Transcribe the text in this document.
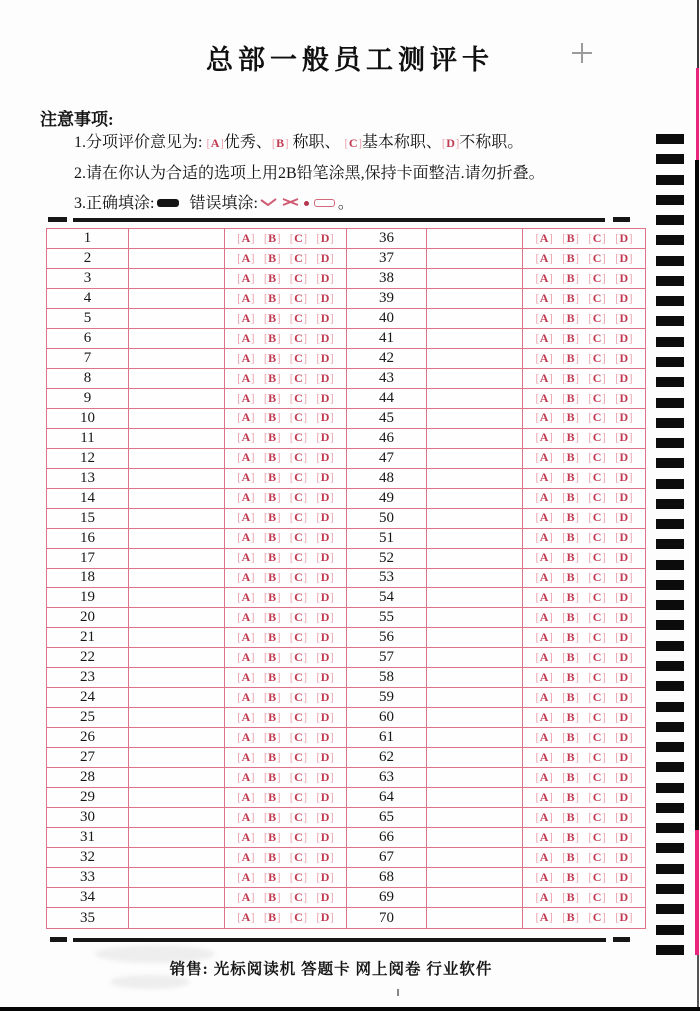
总部一般员工测评卡
注意事项:
1.分项评价意见为: [A]优秀、[B] 称职、 [C]基本称职、[D]不称职。
2.请在你认为合适的选项上用2B铅笔涂黑,保持卡面整洁.请勿折叠。
3.正确填涂: 错误填涂:	。
1	[A] [B] [C] [D]	36	[A] [B] [C] [D]
2	[A] [B] [C] [D]	37	[A] [B] [C] [D]
3	[A] [B] [C] [D]	38	[A] [B] [C] [D]
4	[A] [B] [C] [D]	39	[A] [B] [C] [D]
5	[A] [B] [C] [D]	40	[A] [B] [C] [D]
6	[A] [B] [C] [D]	41	[A] [B] [C] [D]
7	[A] [B] [C] [D]	42	[A] [B] [C] [D]
8	[A] [B] [C] [D]	43	[A] [B] [C] [D]
9	[A] [B] [C] [D]	44	[A] [B] [C] [D]
10	[A] [B] [C] [D]	45	[A] [B] [C] [D]
11	[A] [B] [C] [D]	46	[A] [B] [C] [D]
12	[A] [B] [C] [D]	47	[A] [B] [C] [D]
13	[A] [B] [C] [D]	48	[A] [B] [C] [D]
14	[A] [B] [C] [D]	49	[A] [B] [C] [D]
15	[A] [B] [C] [D]	50	[A] [B] [C] [D]
16	[A] [B] [C] [D]	51	[A] [B] [C] [D]
17	[A] [B] [C] [D]	52	[A] [B] [C] [D]
18	[A] [B] [C] [D]	53	[A] [B] [C] [D]
19	[A] [B] [C] [D]	54	[A] [B] [C] [D]
20	[A] [B] [C] [D]	55	[A] [B] [C] [D]
21	[A] [B] [C] [D]	56	[A] [B] [C] [D]
22	[A] [B] [C] [D]	57	[A] [B] [C] [D]
23	[A] [B] [C] [D]	58	[A] [B] [C] [D]
24	[A] [B] [C] [D]	59	[A] [B] [C] [D]
25	[A] [B] [C] [D]	60	[A] [B] [C] [D]
26	[A] [B] [C] [D]	61	[A] [B] [C] [D]
27	[A] [B] [C] [D]	62	[A] [B] [C] [D]
28	[A] [B] [C] [D]	63	[A] [B] [C] [D]
29	[A] [B] [C] [D]	64	[A] [B] [C] [D]
30	[A] [B] [C] [D]	65	[A] [B] [C] [D]
31	[A] [B] [C] [D]	66	[A] [B] [C] [D]
32	[A] [B] [C] [D]	67	[A] [B] [C] [D]
33	[A] [B] [C] [D]	68	[A] [B] [C] [D]
34	[A] [B] [C] [D]	69	[A] [B] [C] [D]
35	[A] [B] [C] [D]	70	[A] [B] [C] [D]
销售: 光标阅读机 答题卡 网上阅卷 行业软件
